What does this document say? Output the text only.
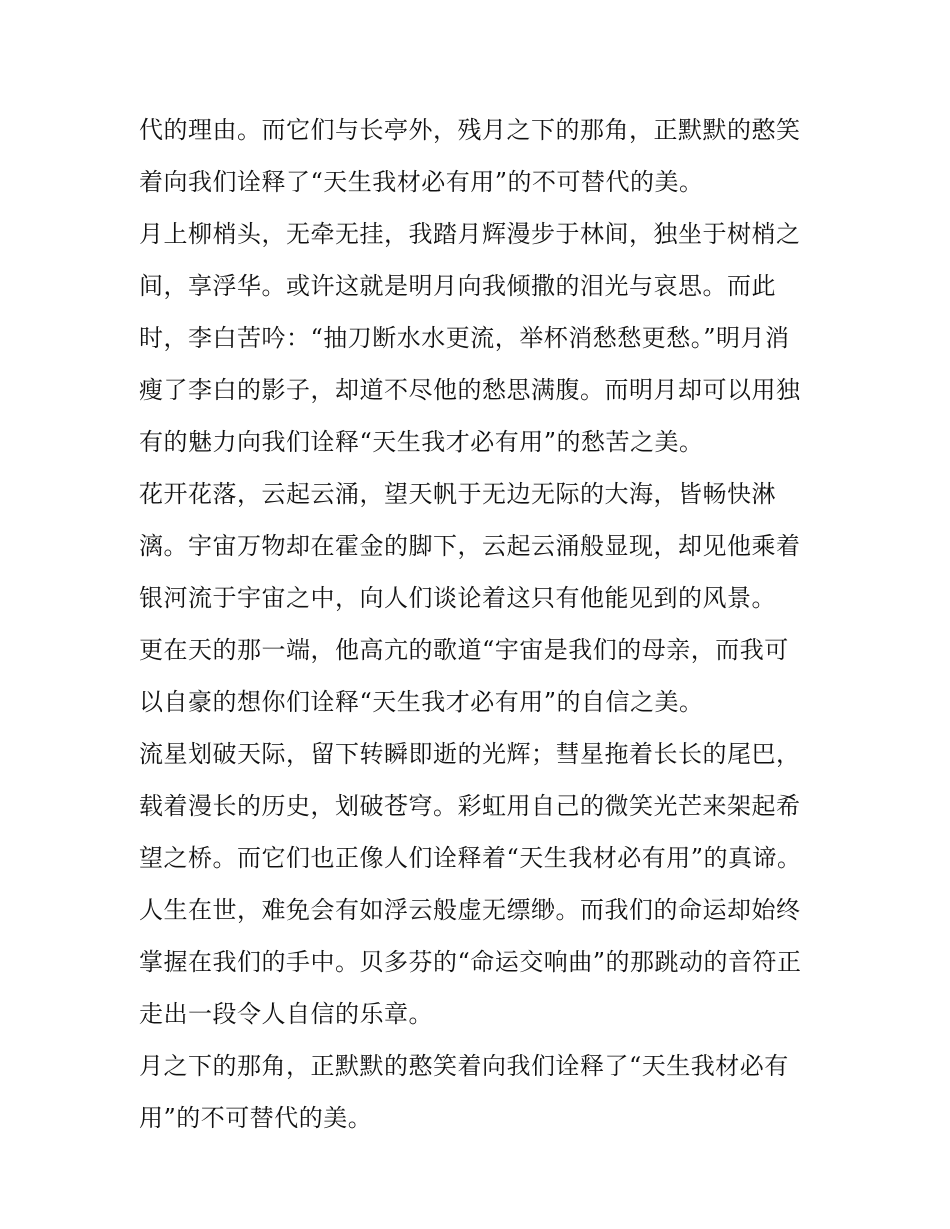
代的理由。而它们与长亭外，残月之下的那角，正默默的憨笑
着向我们诠释了“天生我材必有用”的不可替代的美。
月上柳梢头，无牵无挂，我踏月辉漫步于林间，独坐于树梢之
间，享浮华。或许这就是明月向我倾撒的泪光与哀思。而此
时，李白苦吟：“抽刀断水水更流，举杯消愁愁更愁。”明月消
瘦了李白的影子，却道不尽他的愁思满腹。而明月却可以用独
有的魅力向我们诠释“天生我才必有用”的愁苦之美。
花开花落，云起云涌，望天帆于无边无际的大海，皆畅快淋
漓。宇宙万物却在霍金的脚下，云起云涌般显现，却见他乘着
银河流于宇宙之中，向人们谈论着这只有他能见到的风景。
更在天的那一端，他高亢的歌道“宇宙是我们的母亲，而我可
以自豪的想你们诠释“天生我才必有用”的自信之美。
流星划破天际，留下转瞬即逝的光辉；彗星拖着长长的尾巴，
载着漫长的历史，划破苍穹。彩虹用自己的微笑光芒来架起希
望之桥。而它们也正像人们诠释着“天生我材必有用”的真谛。
人生在世，难免会有如浮云般虚无缥缈。而我们的命运却始终
掌握在我们的手中。贝多芬的“命运交响曲”的那跳动的音符正
走出一段令人自信的乐章。
月之下的那角，正默默的憨笑着向我们诠释了“天生我材必有
用”的不可替代的美。
